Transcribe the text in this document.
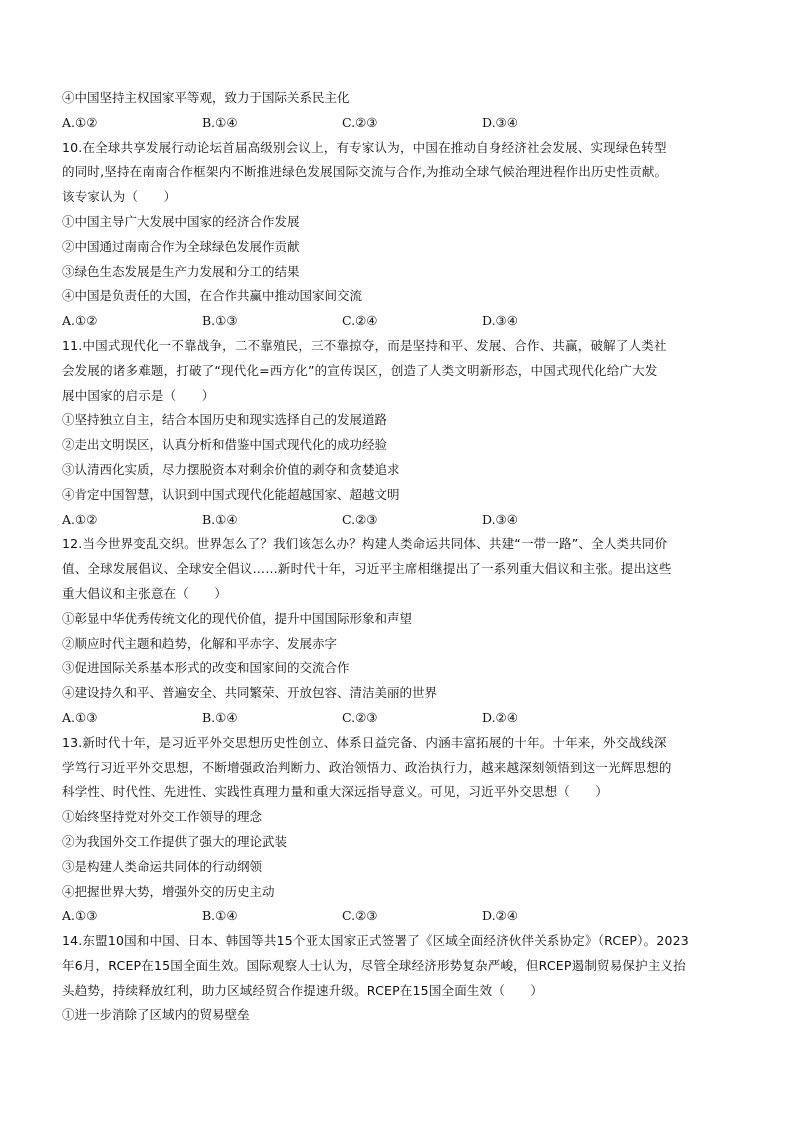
④中国坚持主权国家平等观，致力于国际关系民主化
A.①②	B.①④	C.②③	D.③④
10.在全球共享发展行动论坛首届高级别会议上，有专家认为，中国在推动自身经济社会发展、实现绿色转型
的同时,坚持在南南合作框架内不断推进绿色发展国际交流与合作,为推动全球气候治理进程作出历史性贡献。
该专家认为（　　）
①中国主导广大发展中国家的经济合作发展
②中国通过南南合作为全球绿色发展作贡献
③绿色生态发展是生产力发展和分工的结果
④中国是负责任的大国，在合作共赢中推动国家间交流
A.①②	B.①③	C.②④	D.③④
11.中国式现代化一不靠战争，二不靠殖民，三不靠掠夺，而是坚持和平、发展、合作、共赢，破解了人类社
会发展的诸多难题，打破了“现代化=西方化”的宣传误区，创造了人类文明新形态，中国式现代化给广大发
展中国家的启示是（　　）
①坚持独立自主，结合本国历史和现实选择自己的发展道路
②走出文明误区，认真分析和借鉴中国式现代化的成功经验
③认清西化实质，尽力摆脱资本对剩余价值的剥夺和贪婪追求
④肯定中国智慧，认识到中国式现代化能超越国家、超越文明
A.①②	B.①④	C.②③	D.③④
12.当今世界变乱交织。世界怎么了？我们该怎么办？构建人类命运共同体、共建“一带一路”、全人类共同价
值、全球发展倡议、全球安全倡议……新时代十年，习近平主席相继提出了一系列重大倡议和主张。提出这些
重大倡议和主张意在（　　）
①彰显中华优秀传统文化的现代价值，提升中国国际形象和声望
②顺应时代主题和趋势，化解和平赤字、发展赤字
③促进国际关系基本形式的改变和国家间的交流合作
④建设持久和平、普遍安全、共同繁荣、开放包容、清洁美丽的世界
A.①③	B.①④	C.②③	D.②④
13.新时代十年，是习近平外交思想历史性创立、体系日益完备、内涵丰富拓展的十年。十年来，外交战线深
学笃行习近平外交思想，不断增强政治判断力、政治领悟力、政治执行力，越来越深刻领悟到这一光辉思想的
科学性、时代性、先进性、实践性真理力量和重大深远指导意义。可见，习近平外交思想（　　）
①始终坚持党对外交工作领导的理念
②为我国外交工作提供了强大的理论武装
③是构建人类命运共同体的行动纲领
④把握世界大势，增强外交的历史主动
A.①③	B.①④	C.②③	D.②④
14.东盟10国和中国、日本、韩国等共15个亚太国家正式签署了《区域全面经济伙伴关系协定》（RCEP）。2023
年6月，RCEP在15国全面生效。国际观察人士认为，尽管全球经济形势复杂严峻，但RCEP遏制贸易保护主义抬
头趋势，持续释放红利，助力区域经贸合作提速升级。RCEP在15国全面生效（　　）
①进一步消除了区域内的贸易壁垒
